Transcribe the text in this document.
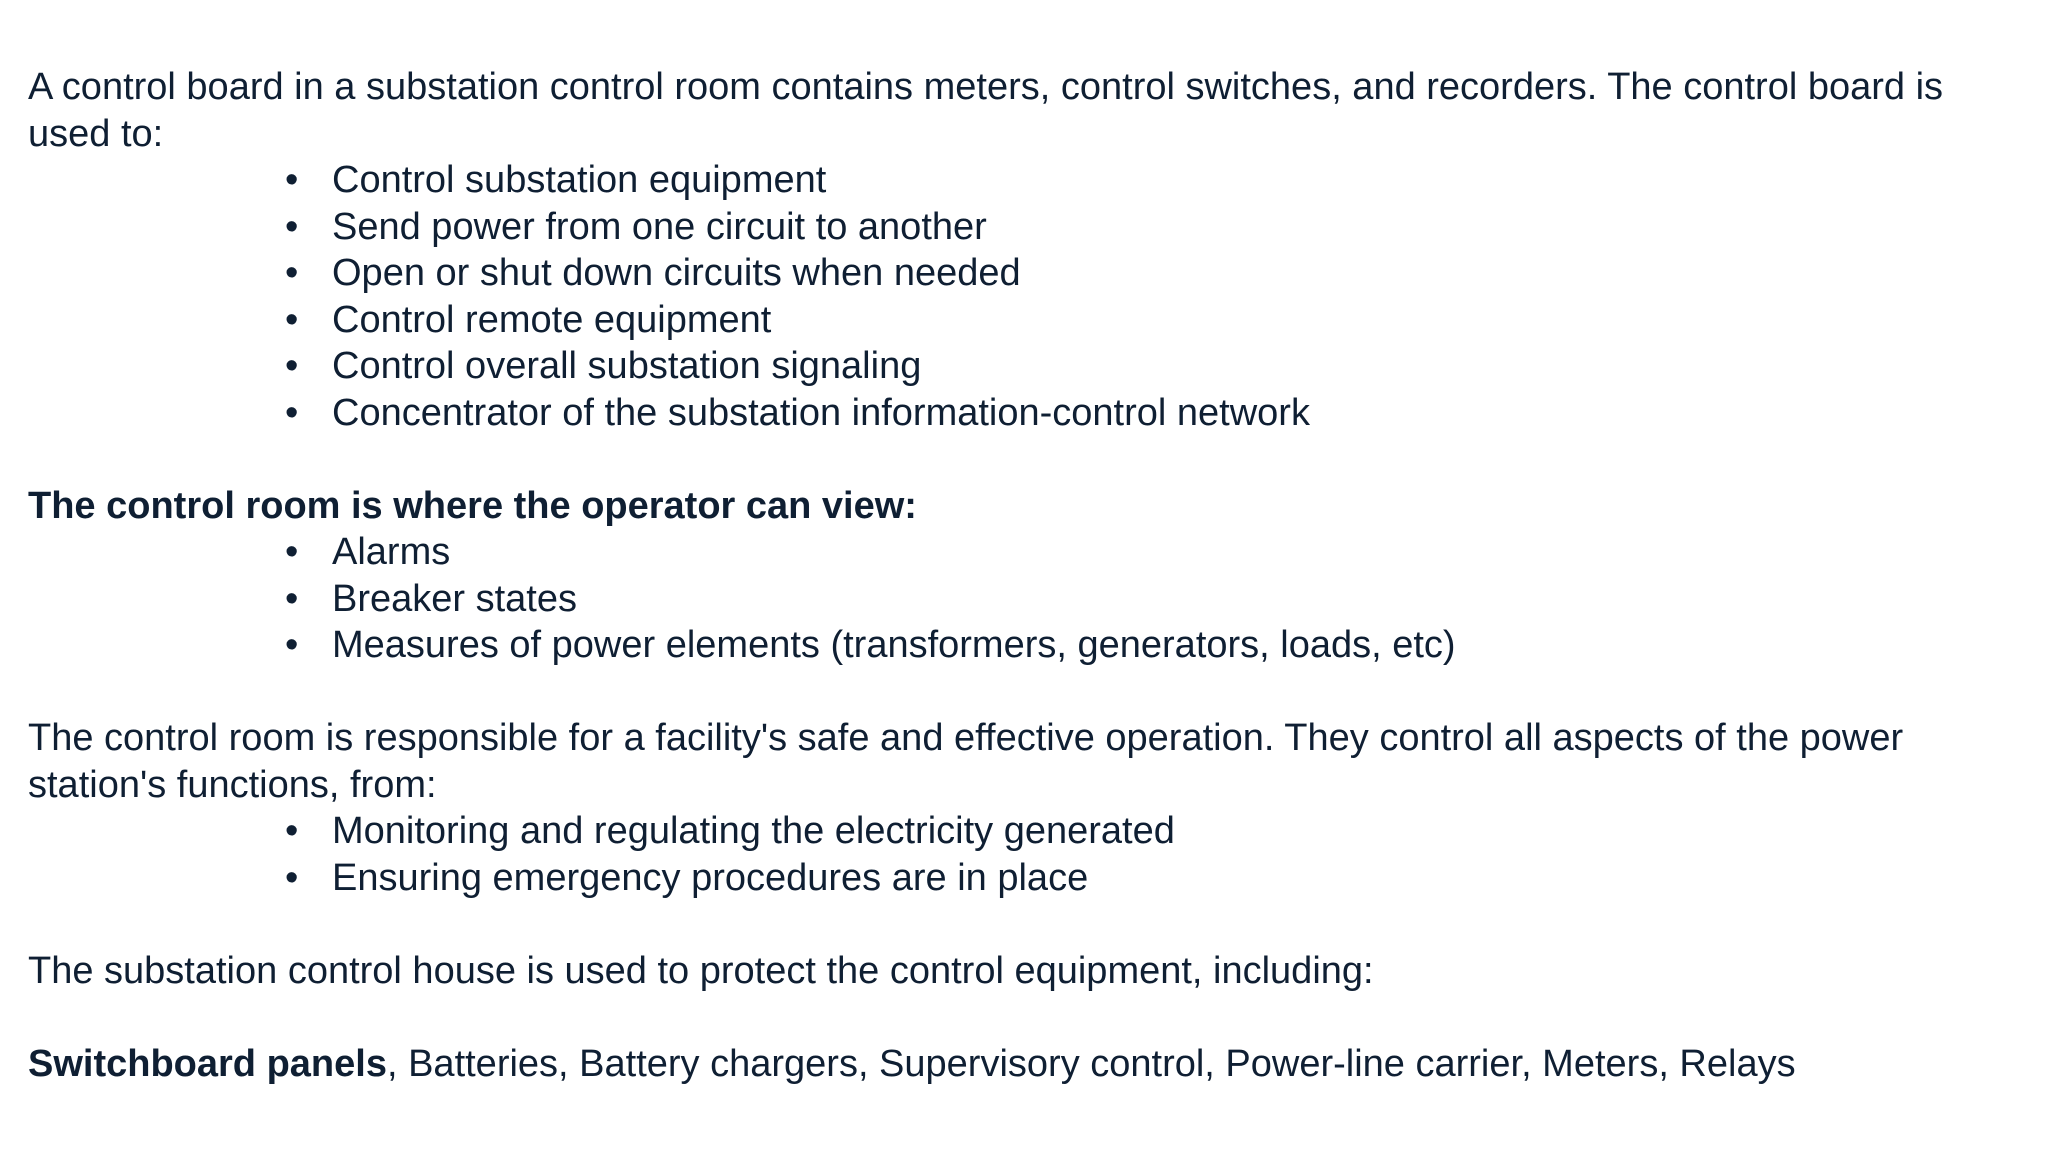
A control board in a substation control room contains meters, control switches, and recorders. The control board is used to:

• Control substation equipment
• Send power from one circuit to another
• Open or shut down circuits when needed
• Control remote equipment
• Control overall substation signaling
• Concentrator of the substation information-control network

The control room is where the operator can view:

• Alarms
• Breaker states
• Measures of power elements (transformers, generators, loads, etc)

The control room is responsible for a facility's safe and effective operation. They control all aspects of the power station's functions, from:

• Monitoring and regulating the electricity generated
• Ensuring emergency procedures are in place

The substation control house is used to protect the control equipment, including:

Switchboard panels, Batteries, Battery chargers, Supervisory control, Power-line carrier, Meters, Relays
